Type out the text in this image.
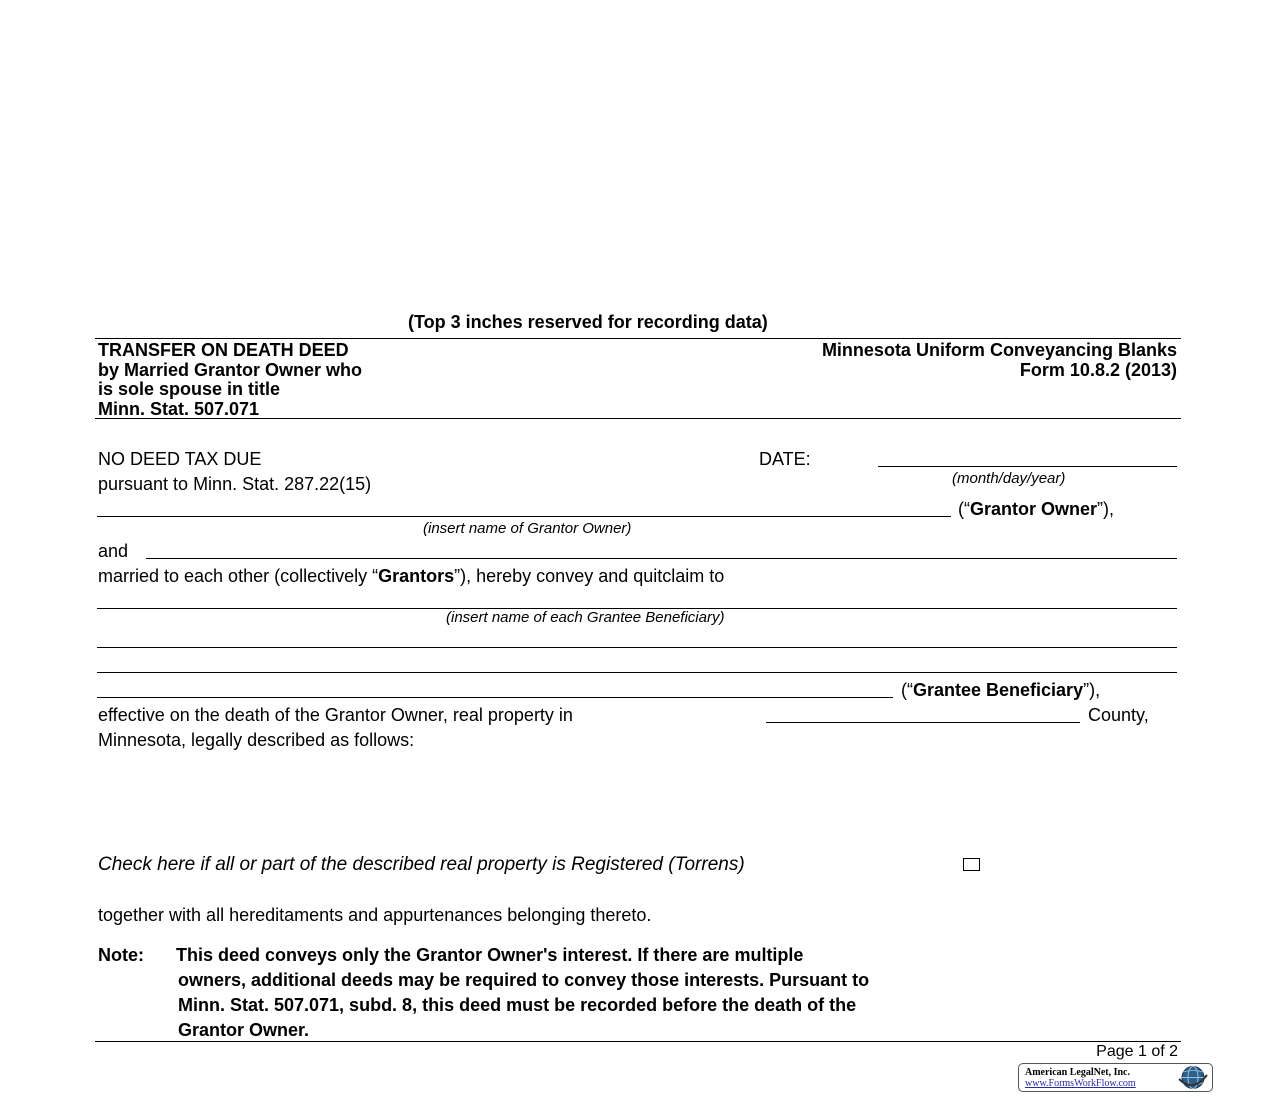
(Top 3 inches reserved for recording data)
TRANSFER ON DEATH DEED
by Married Grantor Owner who
is sole spouse in title
Minn. Stat. 507.071
Minnesota Uniform Conveyancing Blanks
Form 10.8.2 (2013)
NO DEED TAX DUE
pursuant to Minn. Stat. 287.22(15)
DATE:
(month/day/year)
(“Grantor Owner”),
(insert name of Grantor Owner)
and
married to each other (collectively “Grantors”), hereby convey and quitclaim to
(insert name of each Grantee Beneficiary)
(“Grantee Beneficiary”),
effective on the death of the Grantor Owner, real property in	County,
Minnesota, legally described as follows:
Check here if all or part of the described real property is Registered (Torrens)
together with all hereditaments and appurtenances belonging thereto.
Note: This deed conveys only the Grantor Owner's interest. If there are multiple
owners, additional deeds may be required to convey those interests. Pursuant to
Minn. Stat. 507.071, subd. 8, this deed must be recorded before the death of the
Grantor Owner.
Page 1 of 2
American LegalNet, Inc.
www.FormsWorkFlow.com
